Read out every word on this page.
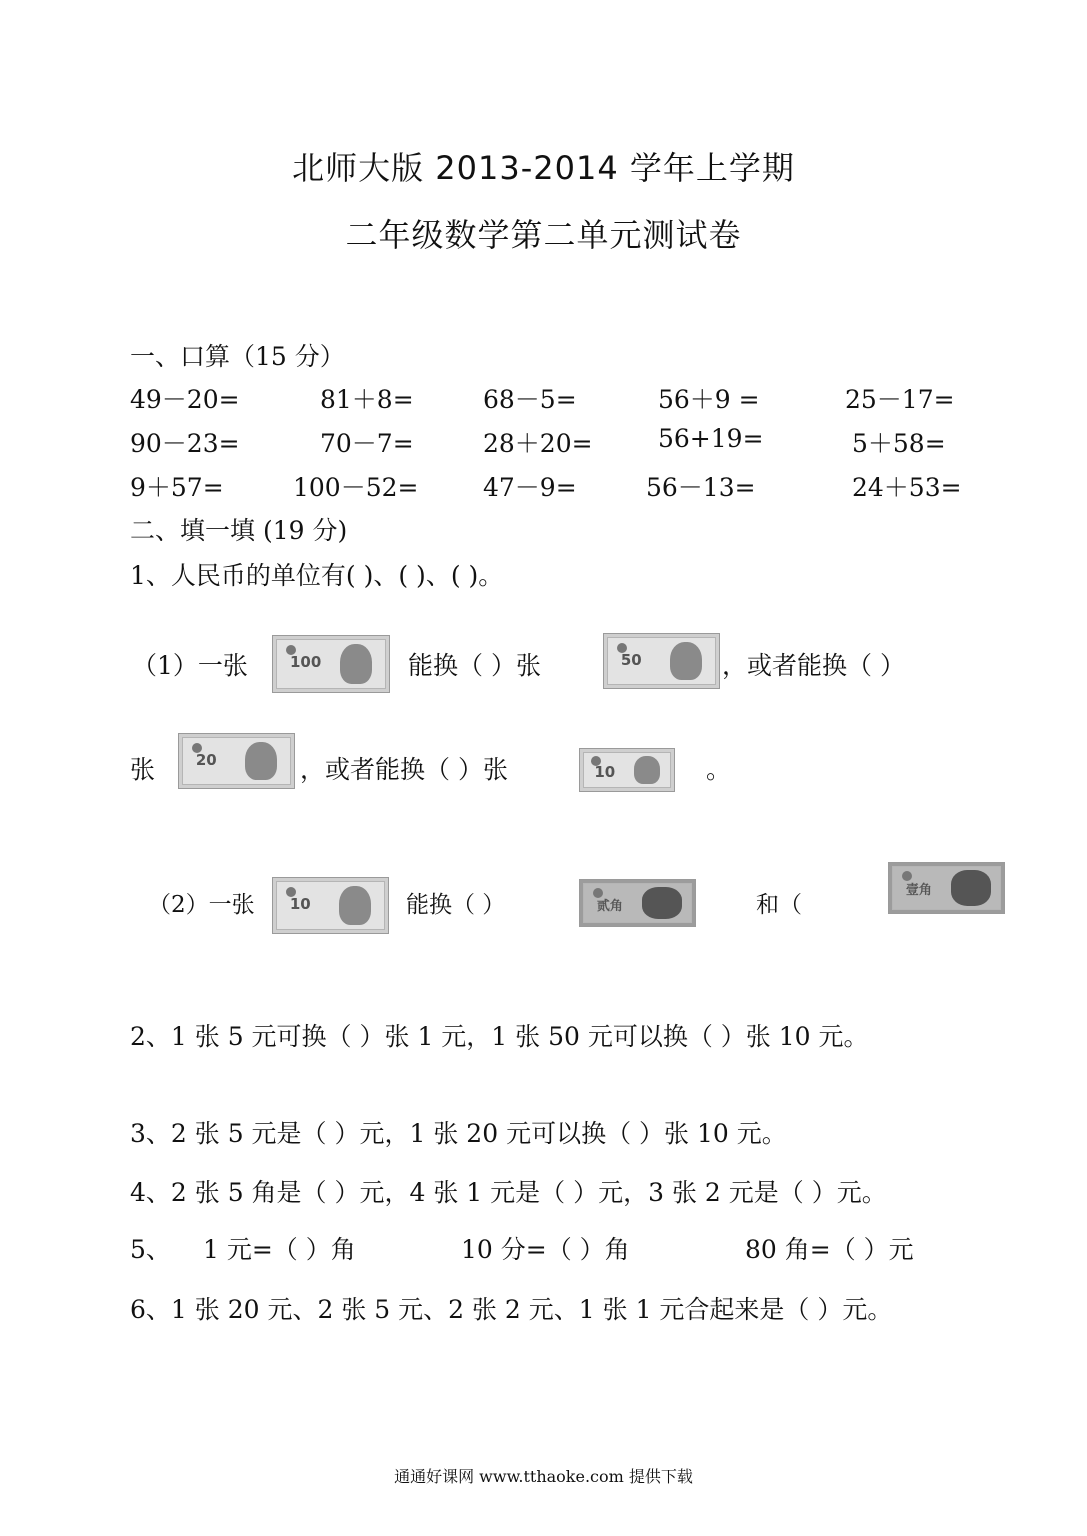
北师大版 2013-2014 学年上学期
二年级数学第二单元测试卷
一、口算（15 分）
49－20=	81＋8=	68－5=	56＋9 =	25－17=
90－23=	70－7=	28＋20=	56+19=	5＋58=
9＋57=	100－52=	47－9=	56－13=	24＋53=
二、填一填 (19 分)
1、人民币的单位有( )、( )、( )。
（1）一张	100	能换（ ）张	50	，或者能换（ ）
张	20	，或者能换（ ）张	10	。
（2）一张 10	能换（ ）	贰角	和（
壹角
2、1 张 5 元可换（ ）张 1 元，1 张 50 元可以换（ ）张 10 元。
3、2 张 5 元是（ ）元，1 张 20 元可以换（ ）张 10 元。
4、2 张 5 角是（ ）元，4 张 1 元是（ ）元，3 张 2 元是（ ）元。
5、 1 元=（ ）角	10 分=（ ）角	80 角=（ ）元
6、1 张 20 元、2 张 5 元、2 张 2 元、1 张 1 元合起来是（ ）元。
通通好课网 www.tthaoke.com 提供下载
